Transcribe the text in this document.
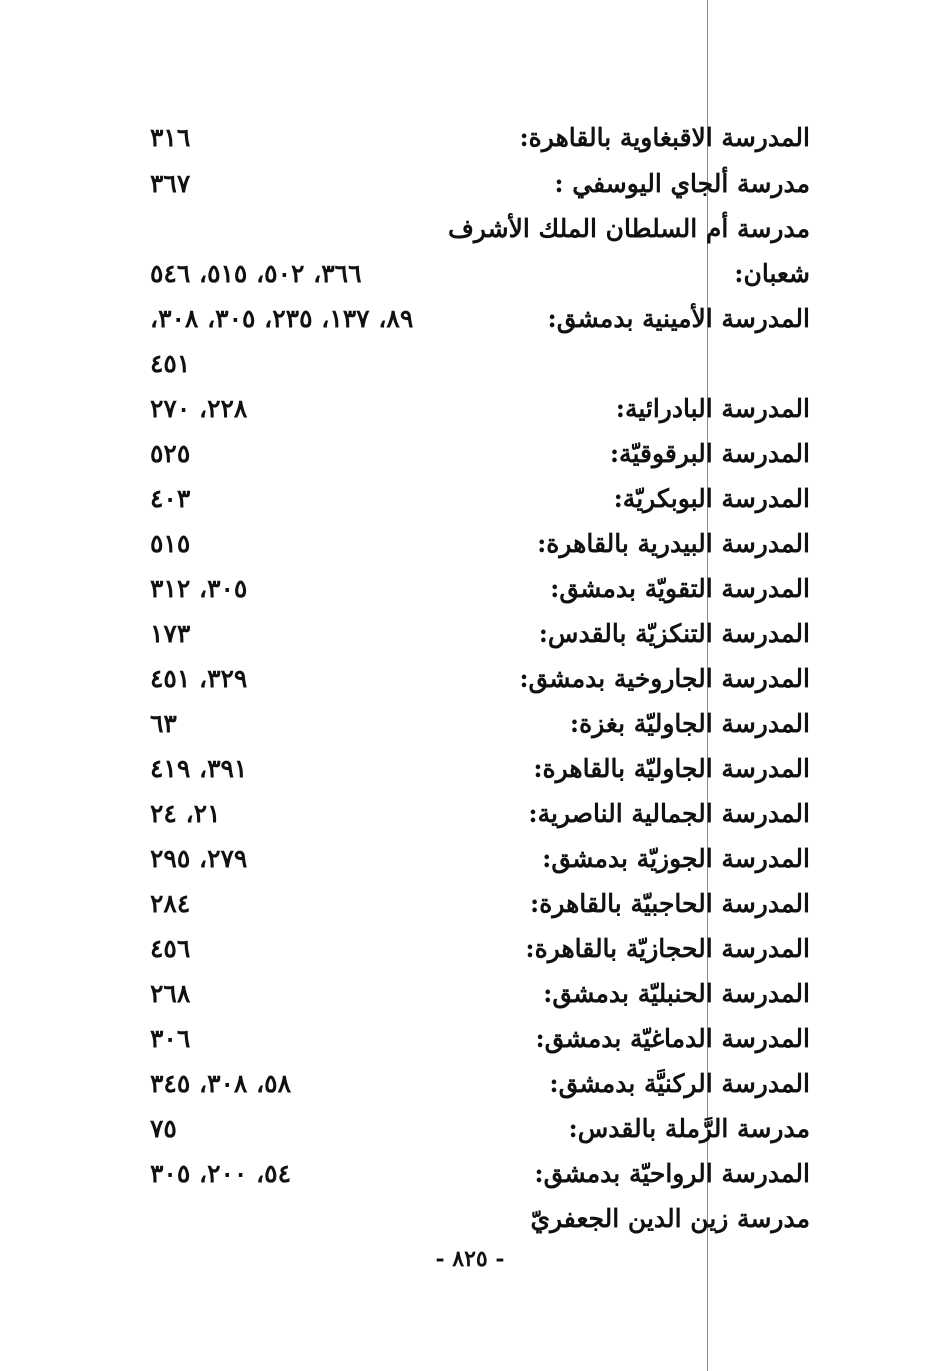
المدرسة الاقبغاوية بالقاهرة:
٣١٦
مدرسة ألجاي اليوسفي :
٣٦٧
مدرسة أم السلطان الملك الأشرف
شعبان:
٣٦٦، ٥٠٢، ٥١٥، ٥٤٦
المدرسة الأمينية بدمشق:
٨٩، ١٣٧، ٢٣٥، ٣٠٥، ٣٠٨،
٤٥١
المدرسة البادرائية:
٢٢٨، ٢٧٠
المدرسة البرقوقيّة:
٥٢٥
المدرسة البوبكريّة:
٤٠٣
المدرسة البيدرية بالقاهرة:
٥١٥
المدرسة التقويّة بدمشق:
٣٠٥، ٣١٢
المدرسة التنكزيّة بالقدس:
١٧٣
المدرسة الجاروخية بدمشق:
٣٢٩، ٤٥١
المدرسة الجاوليّة بغزة:
٦٣
المدرسة الجاوليّة بالقاهرة:
٣٩١، ٤١٩
المدرسة الجمالية الناصرية:
٢١، ٢٤
المدرسة الجوزيّة بدمشق:
٢٧٩، ٢٩٥
المدرسة الحاجبيّة بالقاهرة:
٢٨٤
المدرسة الحجازيّة بالقاهرة:
٤٥٦
المدرسة الحنبليّة بدمشق:
٢٦٨
المدرسة الدماغيّة بدمشق:
٣٠٦
المدرسة الركنيَّة بدمشق:
٥٨، ٣٠٨، ٣٤٥
مدرسة الرَّملة بالقدس:
٧٥
المدرسة الرواحيّة بدمشق:
٥٤، ٢٠٠، ٣٠٥
مدرسة زين الدين الجعفريّ
- ٨٢٥ -
